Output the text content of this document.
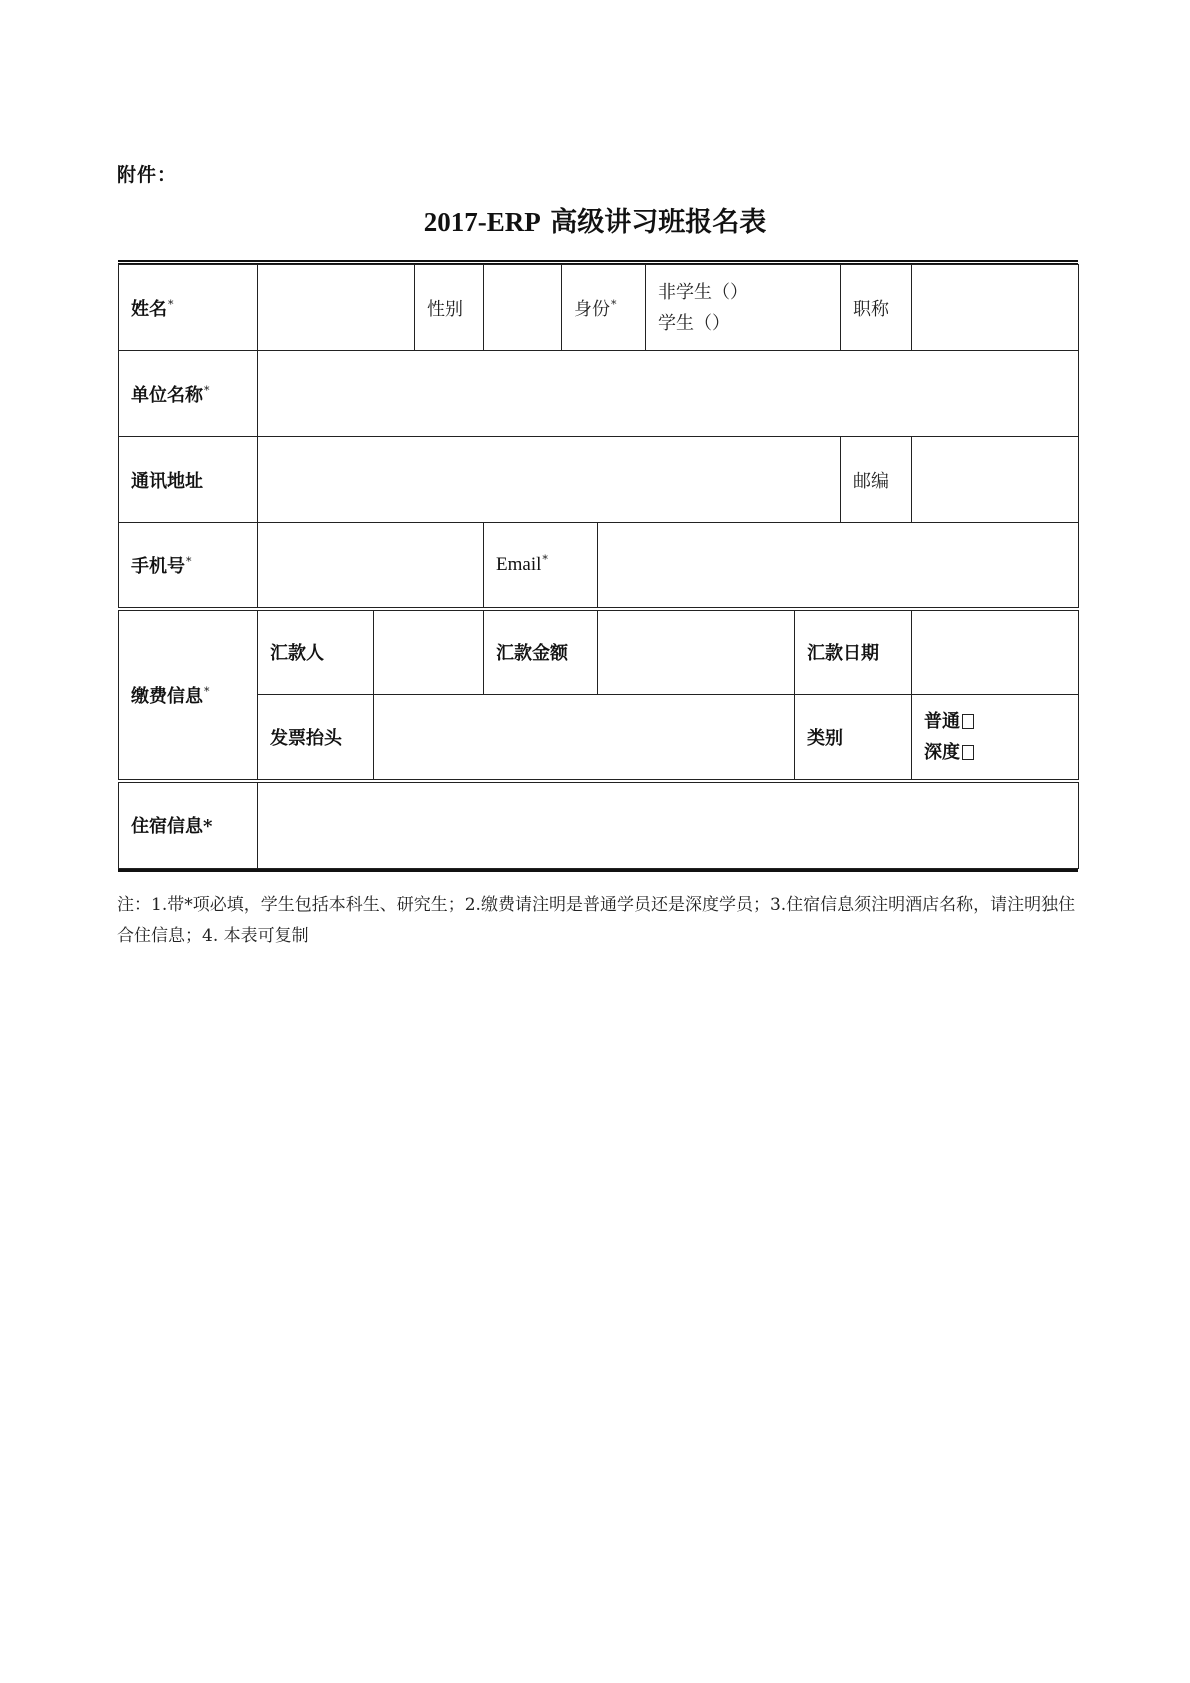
附件：
2017-ERP 高级讲习班报名表
姓名*			性别		身份*		非学生（）
学生（）		职称	
单位名称*	
通讯地址									邮编	
手机号*				Email*	
缴费信息*	汇款人			汇款金额				汇款日期		
	发票抬头							类别		普通
深度

住宿信息*										
注：1.带*项必填，学生包括本科生、研究生；2.缴费请注明是普通学员还是深度学员；3.住宿信息须注明酒店名称，请注明独住合住信息；4. 本表可复制
